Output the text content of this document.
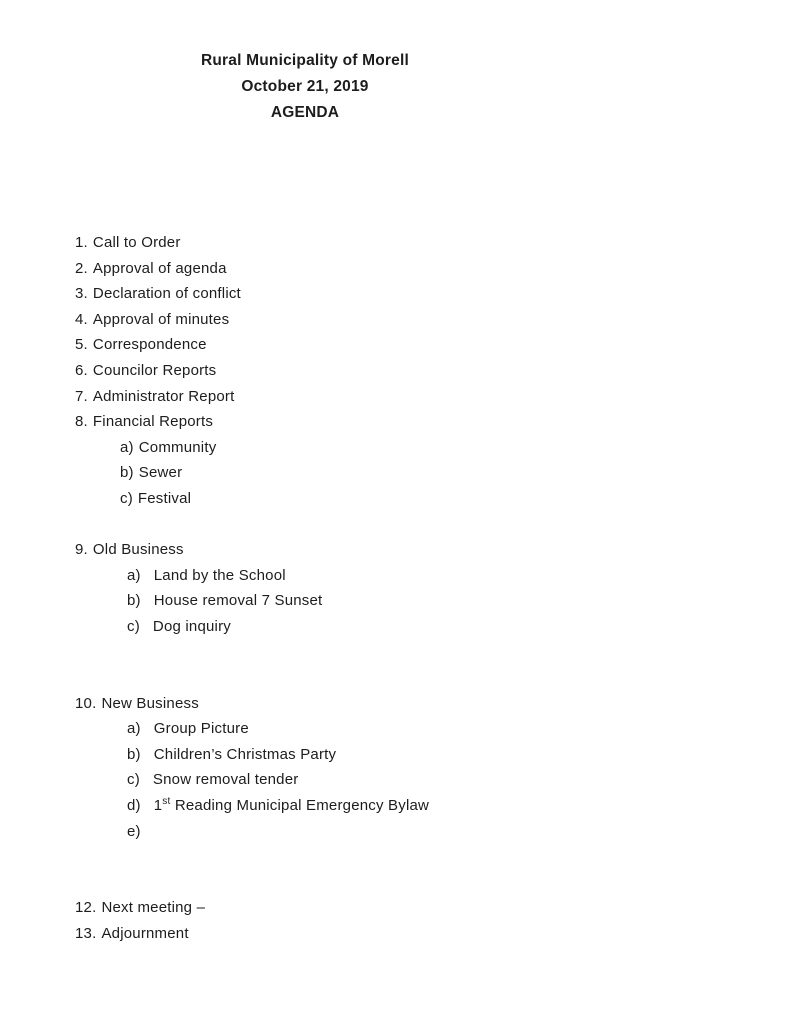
Rural Municipality of Morell
October 21, 2019
AGENDA
1. Call to Order
2. Approval of agenda
3. Declaration of conflict
4. Approval of minutes
5. Correspondence
6. Councilor Reports
7. Administrator Report
8. Financial Reports
a) Community
b) Sewer
c) Festival
9. Old Business
a) Land by the School
b) House removal 7 Sunset
c) Dog inquiry
10. New Business
a) Group Picture
b) Children’s Christmas Party
c) Snow removal tender
d) 1st Reading Municipal Emergency Bylaw
e)
12. Next meeting –
13. Adjournment
